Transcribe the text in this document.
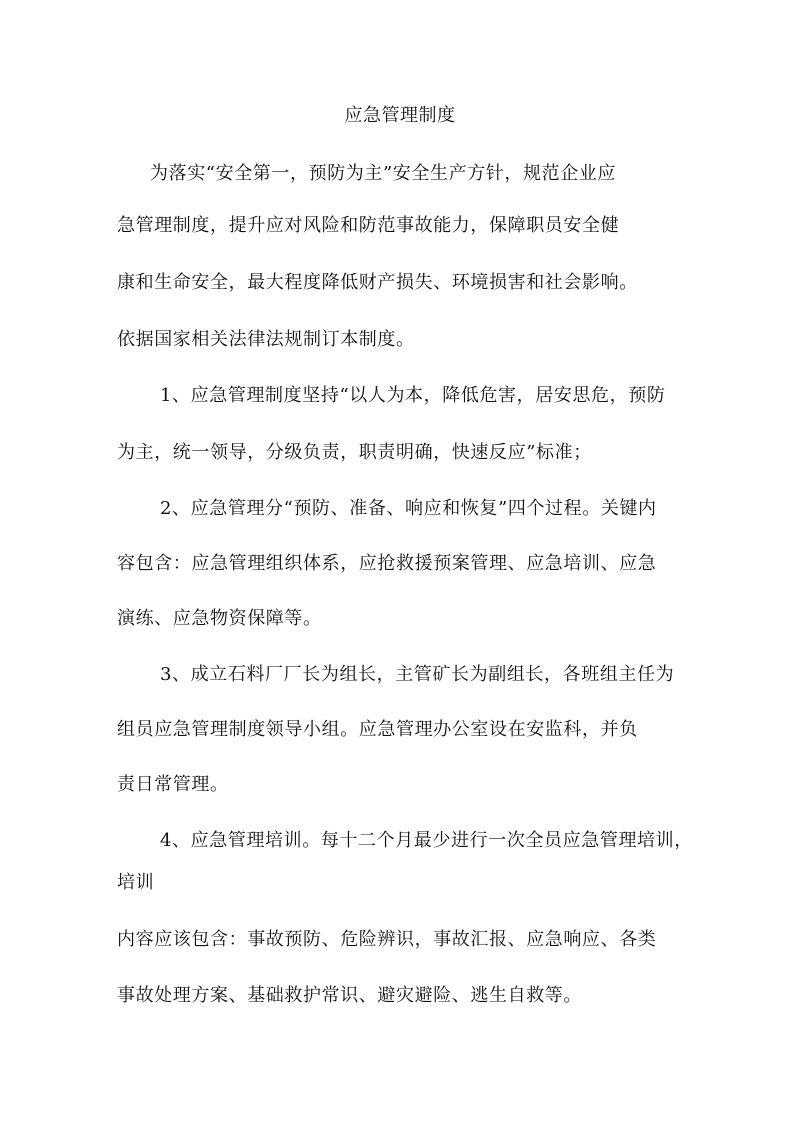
应急管理制度
为落实“安全第一，预防为主”安全生产方针，规范企业应
急管理制度，提升应对风险和防范事故能力，保障职员安全健
康和生命安全，最大程度降低财产损失、环境损害和社会影响。
依据国家相关法律法规制订本制度。
1、应急管理制度坚持“以人为本，降低危害，居安思危，预防
为主，统一领导，分级负责，职责明确，快速反应”标准；
2、应急管理分“预防、准备、响应和恢复”四个过程。关键内
容包含：应急管理组织体系，应抢救援预案管理、应急培训、应急
演练、应急物资保障等。
3、成立石料厂厂长为组长，主管矿长为副组长，各班组主任为
组员应急管理制度领导小组。应急管理办公室设在安监科，并负
责日常管理。
4、应急管理培训。每十二个月最少进行一次全员应急管理培训，
培训
内容应该包含：事故预防、危险辨识，事故汇报、应急响应、各类
事故处理方案、基础救护常识、避灾避险、逃生自救等。
